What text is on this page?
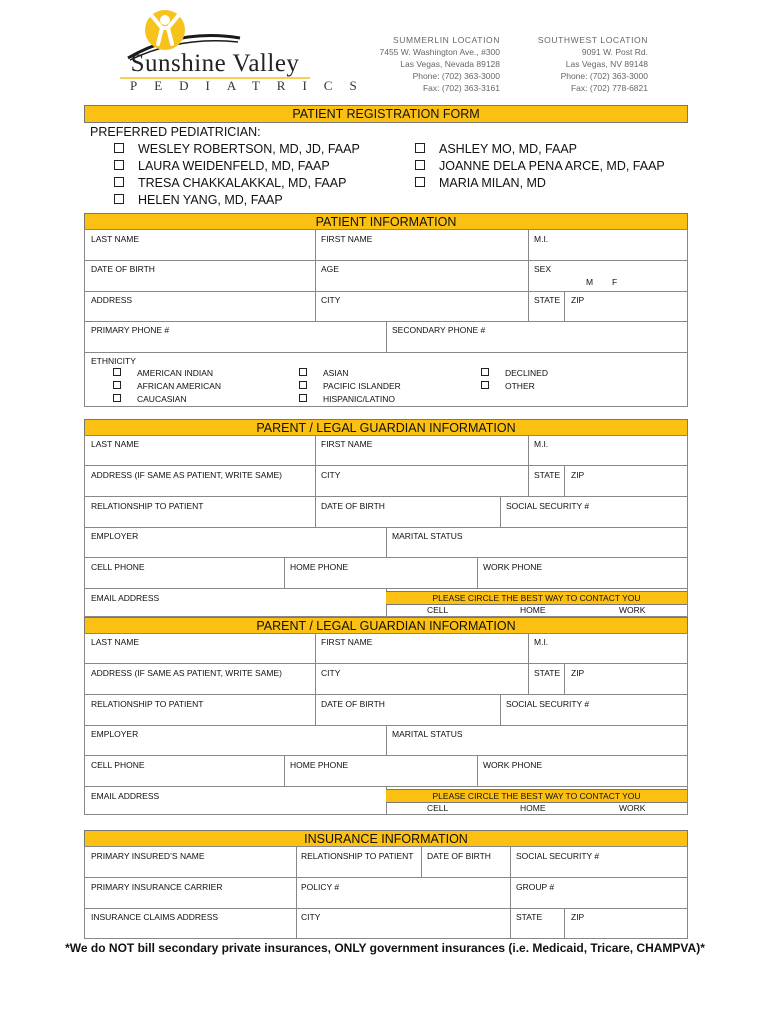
Sunshine Valley
PEDIATRICS
SUMMERLIN LOCATION
7455 W. Washington Ave., #300
Las Vegas, Nevada 89128
Phone: (702) 363-3000
Fax: (702) 363-3161
SOUTHWEST LOCATION
9091 W. Post Rd.
Las Vegas, NV 89148
Phone: (702) 363-3000
Fax: (702) 778-6821
PATIENT REGISTRATION FORM
PREFERRED PEDIATRICIAN:
WESLEY ROBERTSON, MD, JD, FAAP
LAURA WEIDENFELD, MD, FAAP
TRESA CHAKKALAKKAL, MD, FAAP
HELEN YANG, MD, FAAP
ASHLEY MO, MD, FAAP
JOANNE DELA PENA ARCE, MD, FAAP
MARIA MILAN, MD
PATIENT INFORMATION
LAST NAME	FIRST NAME	M.I.
DATE OF BIRTH	AGE	SEX
M F
ADDRESS	CITY	STATE ZIP
PRIMARY PHONE #	SECONDARY PHONE #
ETHNICITY
AMERICAN INDIAN
AFRICAN AMERICAN
CAUCASIAN
ASIAN
PACIFIC ISLANDER
HISPANIC/LATINO
DECLINED
OTHER
PARENT / LEGAL GUARDIAN INFORMATION
LAST NAME	FIRST NAME	M.I.
ADDRESS (IF SAME AS PATIENT, WRITE SAME)	CITY	STATE ZIP
RELATIONSHIP TO PATIENT	DATE OF BIRTH	SOCIAL SECURITY #
EMPLOYER	MARITAL STATUS
CELL PHONE	HOME PHONE	WORK PHONE
EMAIL ADDRESS	PLEASE CIRCLE THE BEST WAY TO CONTACT YOU
CELL	HOME	WORK
PARENT / LEGAL GUARDIAN INFORMATION
LAST NAME	FIRST NAME	M.I.
ADDRESS (IF SAME AS PATIENT, WRITE SAME)	CITY	STATE ZIP
RELATIONSHIP TO PATIENT	DATE OF BIRTH	SOCIAL SECURITY #
EMPLOYER	MARITAL STATUS
CELL PHONE	HOME PHONE	WORK PHONE
EMAIL ADDRESS	PLEASE CIRCLE THE BEST WAY TO CONTACT YOU
CELL	HOME	WORK
INSURANCE INFORMATION
PRIMARY INSURED’S NAME	RELATIONSHIP TO PATIENT DATE OF BIRTH	SOCIAL SECURITY #
PRIMARY INSURANCE CARRIER	POLICY #	GROUP #
INSURANCE CLAIMS ADDRESS	CITY	STATE	ZIP
*We do NOT bill secondary private insurances, ONLY government insurances (i.e. Medicaid, Tricare, CHAMPVA)*
